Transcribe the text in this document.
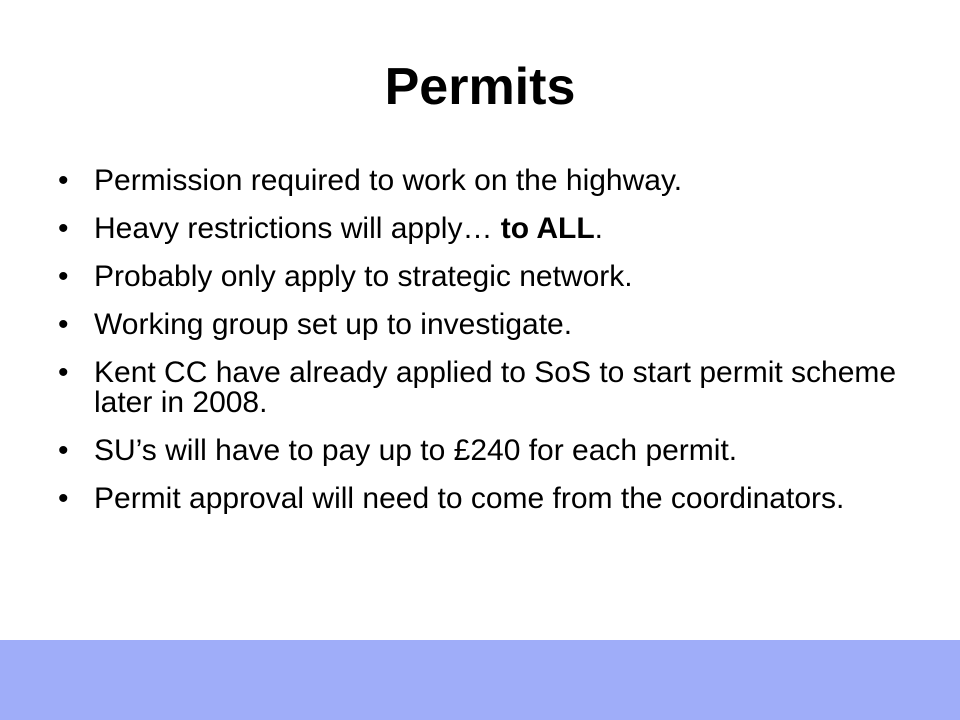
Permits
• Permission required to work on the highway.
• Heavy restrictions will apply… to ALL.
• Probably only apply to strategic network.
• Working group set up to investigate.
• Kent CC have already applied to SoS to start permit scheme later in 2008.
• SU’s will have to pay up to £240 for each permit.
• Permit approval will need to come from the coordinators.
